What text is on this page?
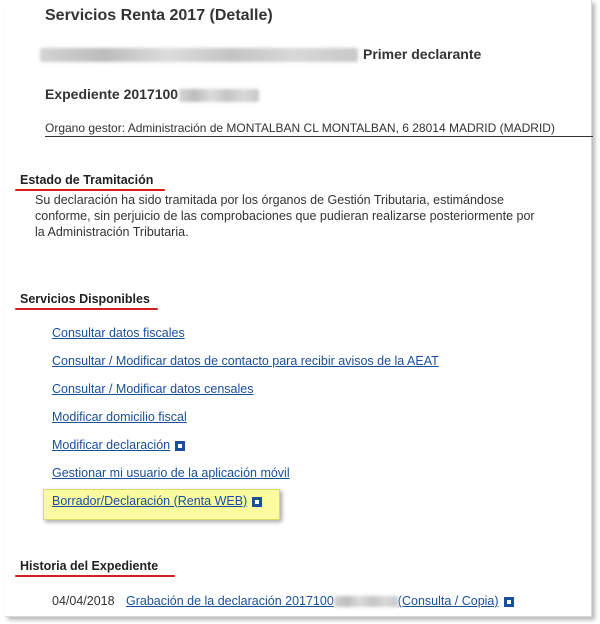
Servicios Renta 2017 (Detalle)
Primer declarante
Expediente 2017100
Organo gestor: Administración de MONTALBAN CL MONTALBAN, 6 28014 MADRID (MADRID)
Estado de Tramitación
Su declaración ha sido tramitada por los órganos de Gestión Tributaria, estimándose conforme, sin perjuicio de las comprobaciones que pudieran realizarse posteriormente por la Administración Tributaria.
Servicios Disponibles
Consultar datos fiscales
Consultar / Modificar datos de contacto para recibir avisos de la AEAT
Consultar / Modificar datos censales
Modificar domicilio fiscal
Modificar declaración
Gestionar mi usuario de la aplicación móvil
Borrador/Declaración (Renta WEB)
Historia del Expediente
04/04/2018 Grabación de la declaración 2017100	(Consulta / Copia)
